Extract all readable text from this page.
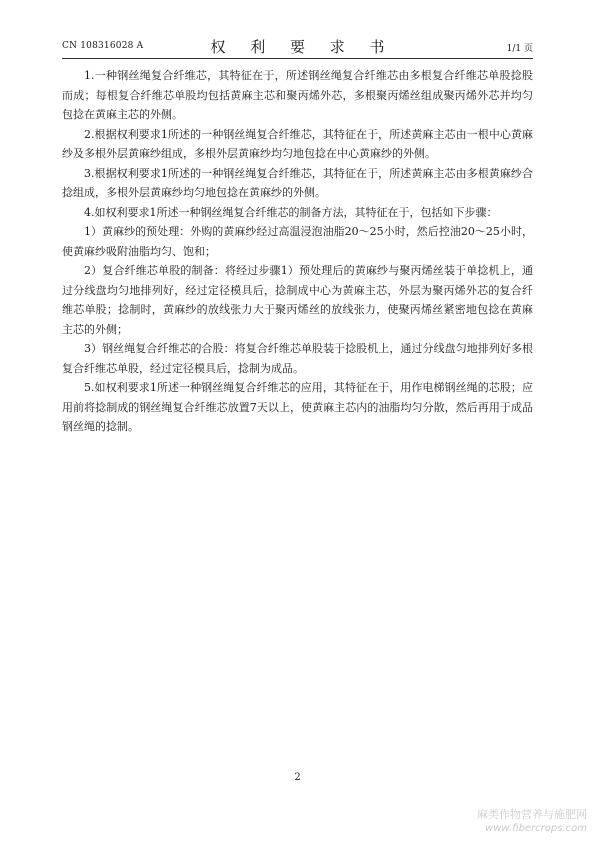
CN 108316028 A	权 利 要 求 书	1/1 页

1.一种钢丝绳复合纤维芯，其特征在于，所述钢丝绳复合纤维芯由多根复合纤维芯单股捻股而成；每根复合纤维芯单股均包括黄麻主芯和聚丙烯外芯，多根聚丙烯丝组成聚丙烯外芯并均匀包捻在黄麻主芯的外侧。

2.根据权利要求1所述的一种钢丝绳复合纤维芯，其特征在于，所述黄麻主芯由一根中心黄麻纱及多根外层黄麻纱组成，多根外层黄麻纱均匀地包捻在中心黄麻纱的外侧。

3.根据权利要求1所述的一种钢丝绳复合纤维芯，其特征在于，所述黄麻主芯由多根黄麻纱合捻组成，多根外层黄麻纱均匀地包捻在黄麻纱的外侧。

4.如权利要求1所述一种钢丝绳复合纤维芯的制备方法，其特征在于，包括如下步骤：

1）黄麻纱的预处理：外购的黄麻纱经过高温浸泡油脂20～25小时，然后控油20～25小时，使黄麻纱吸附油脂均匀、饱和；

2）复合纤维芯单股的制备：将经过步骤1）预处理后的黄麻纱与聚丙烯丝装于单捻机上，通过分线盘均匀地排列好，经过定径模具后，捻制成中心为黄麻主芯，外层为聚丙烯外芯的复合纤维芯单股；捻制时，黄麻纱的放线张力大于聚丙烯丝的放线张力，使聚丙烯丝紧密地包捻在黄麻主芯的外侧；

3）钢丝绳复合纤维芯的合股：将复合纤维芯单股装于捻股机上，通过分线盘匀地排列好多根复合纤维芯单股，经过定径模具后，捻制为成品。

5.如权利要求1所述一种钢丝绳复合纤维芯的应用，其特征在于，用作电梯钢丝绳的芯股；应用前将捻制成的钢丝绳复合纤维芯放置7天以上，使黄麻主芯内的油脂均匀分散，然后再用于成品钢丝绳的捻制。

2
麻类作物营养与施肥网
www.fibercrops.com
